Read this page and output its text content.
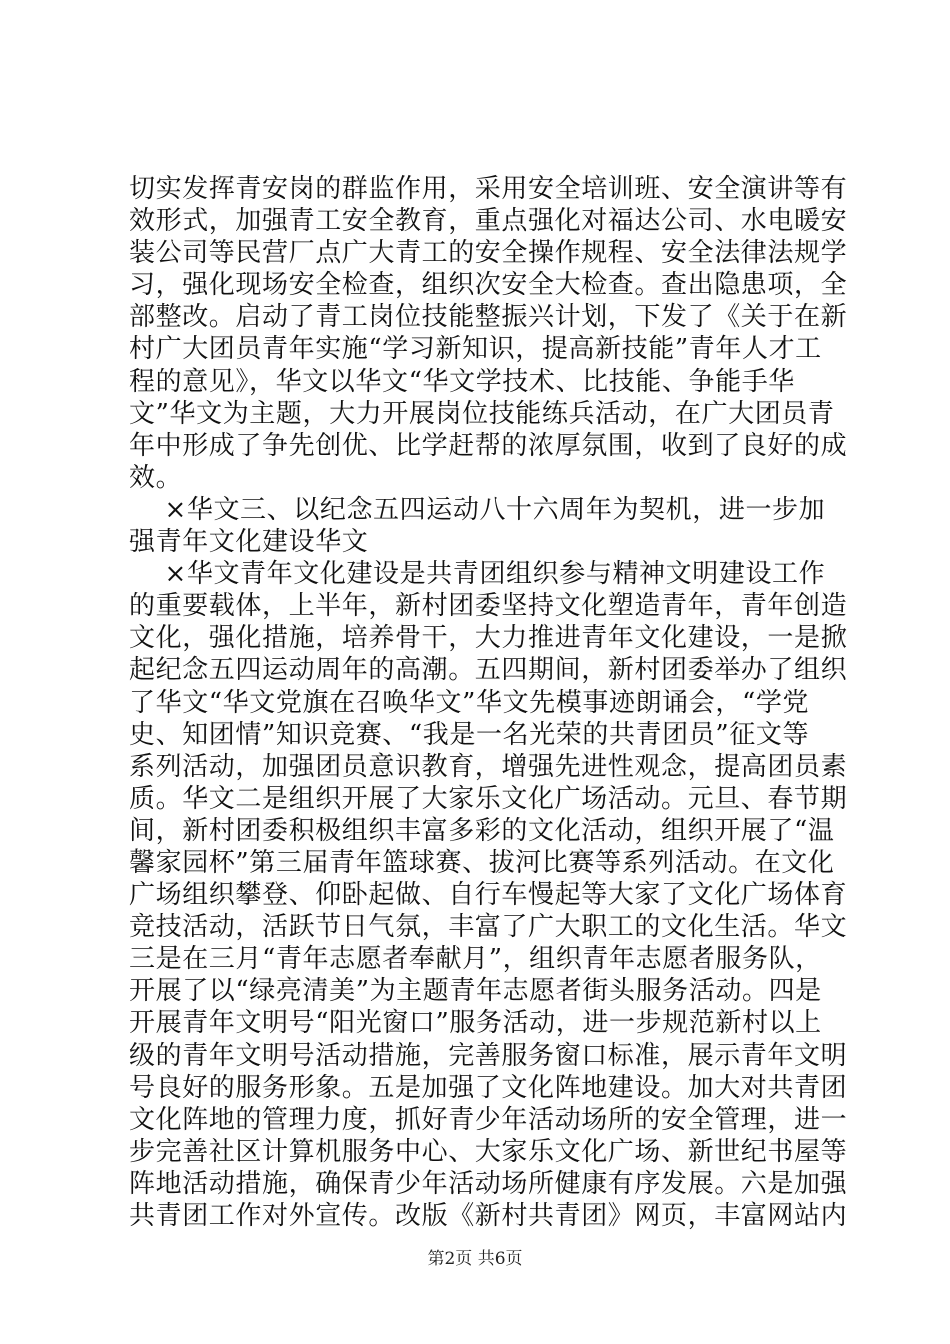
切实发挥青安岗的群监作用，采用安全培训班、安全演讲等有
效形式，加强青工安全教育，重点强化对福达公司、水电暖安
装公司等民营厂点广大青工的安全操作规程、安全法律法规学
习，强化现场安全检查，组织次安全大检查。查出隐患项，全
部整改。启动了青工岗位技能整振兴计划，下发了《关于在新
村广大团员青年实施“学习新知识，提高新技能”青年人才工
程的意见》，华文以华文“华文学技术、比技能、争能手华
文”华文为主题，大力开展岗位技能练兵活动，在广大团员青
年中形成了争先创优、比学赶帮的浓厚氛围，收到了良好的成
效。
×华文三、以纪念五四运动八十六周年为契机，进一步加
强青年文化建设华文
×华文青年文化建设是共青团组织参与精神文明建设工作
的重要载体，上半年，新村团委坚持文化塑造青年，青年创造
文化，强化措施，培养骨干，大力推进青年文化建设，一是掀
起纪念五四运动周年的高潮。五四期间，新村团委举办了组织
了华文“华文党旗在召唤华文”华文先模事迹朗诵会，“学党
史、知团情”知识竞赛、“我是一名光荣的共青团员”征文等
系列活动，加强团员意识教育，增强先进性观念，提高团员素
质。华文二是组织开展了大家乐文化广场活动。元旦、春节期
间，新村团委积极组织丰富多彩的文化活动，组织开展了“温
馨家园杯”第三届青年篮球赛、拔河比赛等系列活动。在文化
广场组织攀登、仰卧起做、自行车慢起等大家了文化广场体育
竞技活动，活跃节日气氛，丰富了广大职工的文化生活。华文
三是在三月“青年志愿者奉献月”，组织青年志愿者服务队，
开展了以“绿亮清美”为主题青年志愿者街头服务活动。四是
开展青年文明号“阳光窗口”服务活动，进一步规范新村以上
级的青年文明号活动措施，完善服务窗口标准，展示青年文明
号良好的服务形象。五是加强了文化阵地建设。加大对共青团
文化阵地的管理力度，抓好青少年活动场所的安全管理，进一
步完善社区计算机服务中心、大家乐文化广场、新世纪书屋等
阵地活动措施，确保青少年活动场所健康有序发展。六是加强
共青团工作对外宣传。改版《新村共青团》网页，丰富网站内
第2页 共6页
